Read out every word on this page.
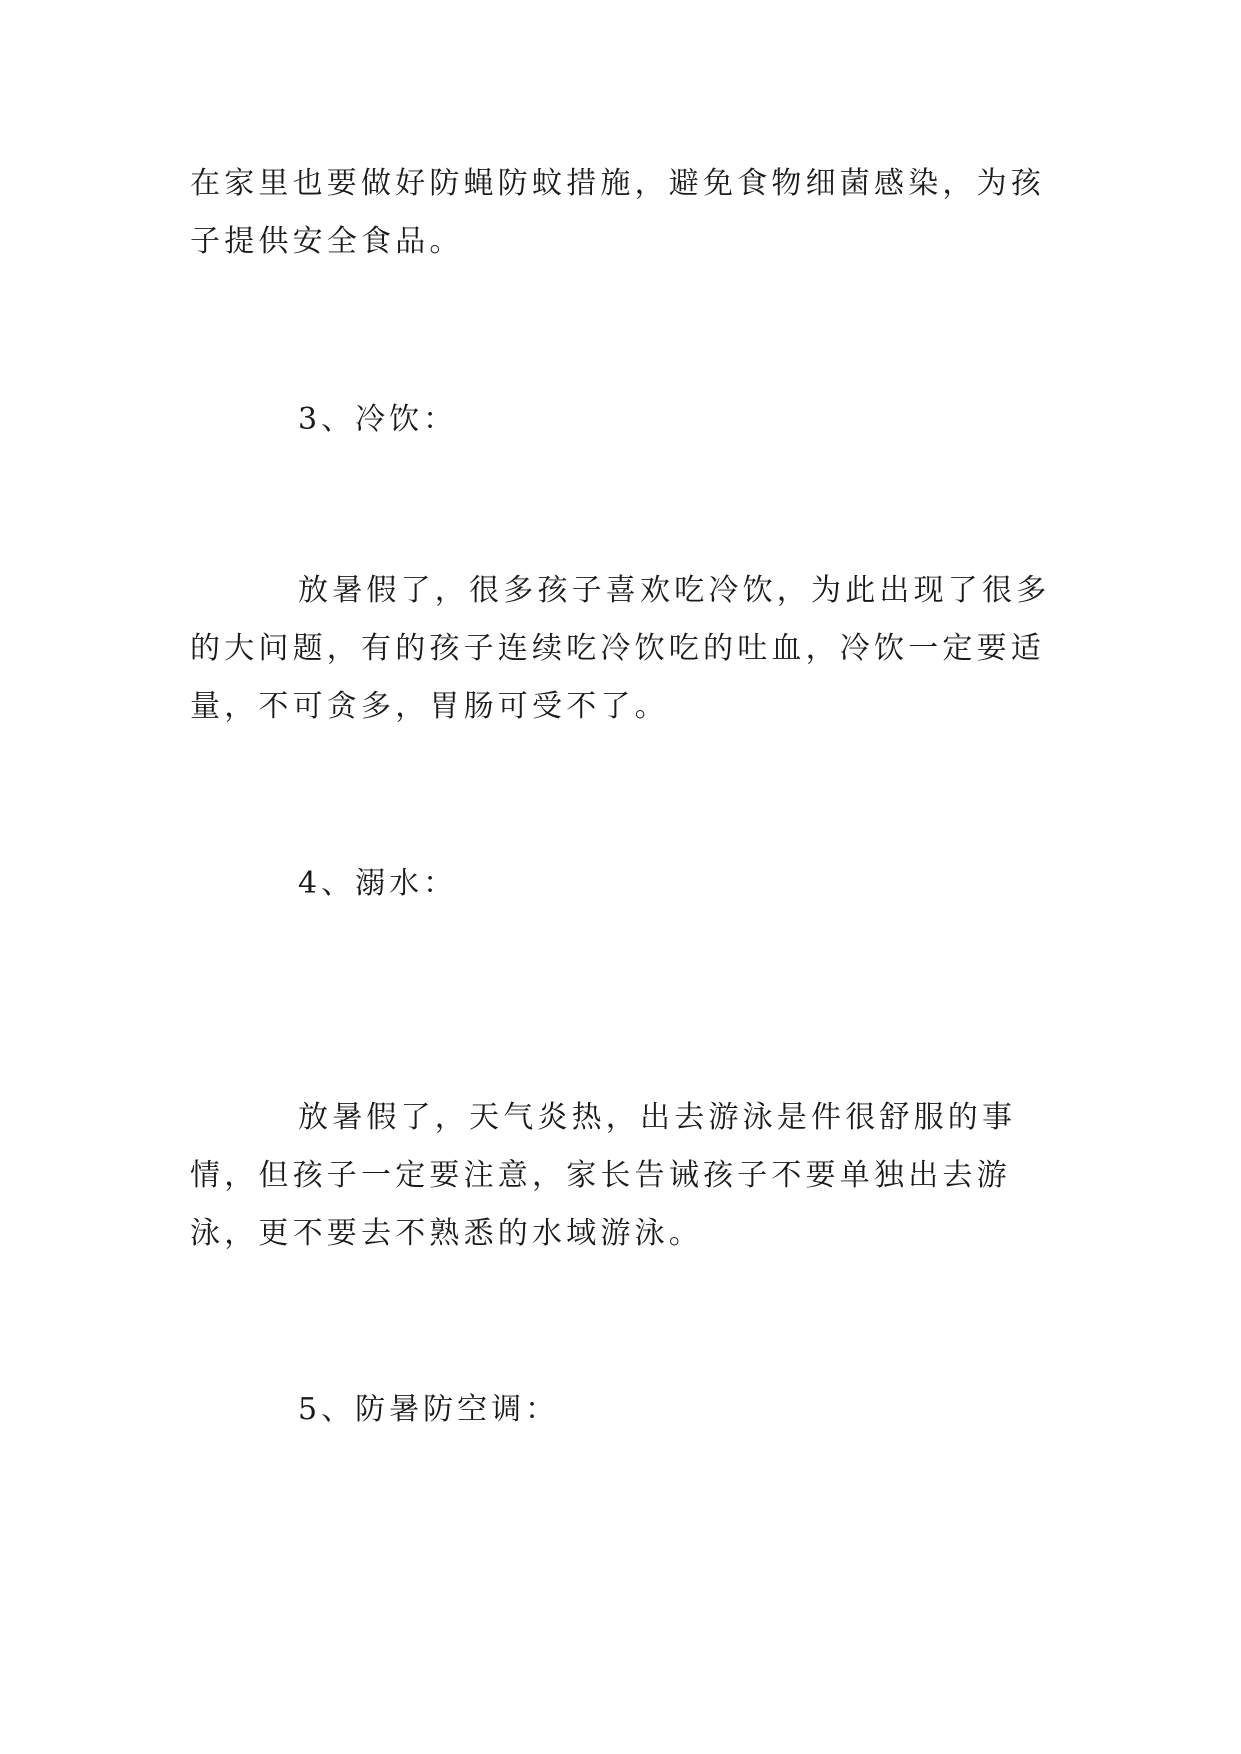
在家里也要做好防蝇防蚊措施，避免食物细菌感染，为孩子提供安全食品。

3、冷饮：

放暑假了，很多孩子喜欢吃冷饮，为此出现了很多的大问题，有的孩子连续吃冷饮吃的吐血，冷饮一定要适量，不可贪多，胃肠可受不了。

4、溺水：

放暑假了，天气炎热，出去游泳是件很舒服的事情，但孩子一定要注意，家长告诫孩子不要单独出去游泳，更不要去不熟悉的水域游泳。

5、防暑防空调：
